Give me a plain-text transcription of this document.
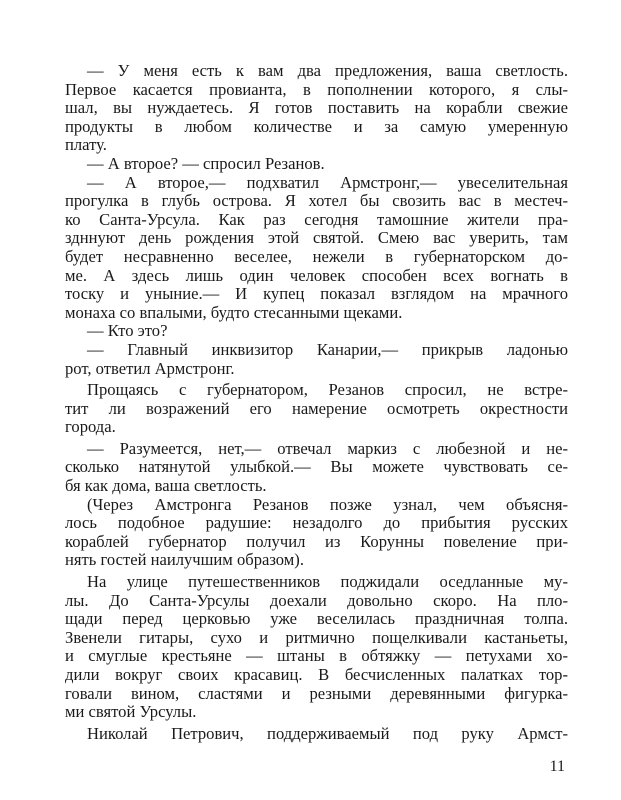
— У меня есть к вам два предложения, ваша светлость.
Первое касается провианта, в пополнении которого, я слы-
шал, вы нуждаетесь. Я готов поставить на корабли свежие
продукты в любом количестве и за самую умеренную
плату.
— А второе? — спросил Резанов.
— А второе,— подхватил Армстронг,— увеселительная
прогулка в глубь острова. Я хотел бы свозить вас в местеч-
ко Санта-Урсула. Как раз сегодня тамошние жители пра-
здннуют день рождения этой святой. Смею вас уверить, там
будет несравненно веселее, нежели в губернаторском до-
ме. А здесь лишь один человек способен всех вогнать в
тоску и уныние.— И купец показал взглядом на мрачного
монаха со впалыми, будто стесанными щеками.
— Кто это?
— Главный инквизитор Канарии,— прикрыв ладонью
рот, ответил Армстронг.
Прощаясь с губернатором, Резанов спросил, не встре-
тит ли возражений его намерение осмотреть окрестности
города.
— Разумеется, нет,— отвечал маркиз с любезной и не-
сколько натянутой улыбкой.— Вы можете чувствовать се-
бя как дома, ваша светлость.
(Через Амстронга Резанов позже узнал, чем объясня-
лось подобное радушие: незадолго до прибытия русских
кораблей губернатор получил из Корунны повеление при-
нять гостей наилучшим образом).
На улице путешественников поджидали оседланные му-
лы. До Санта-Урсулы доехали довольно скоро. На пло-
щади перед церковью уже веселилась праздничная толпа.
Звенели гитары, сухо и ритмично пощелкивали кастаньеты,
и смуглые крестьяне — штаны в обтяжку — петухами хо-
дили вокруг своих красавиц. В бесчисленных палатках тор-
говали вином, сластями и резными деревянными фигурка-
ми святой Урсулы.
Николай Петрович, поддерживаемый под руку Армст-
11
